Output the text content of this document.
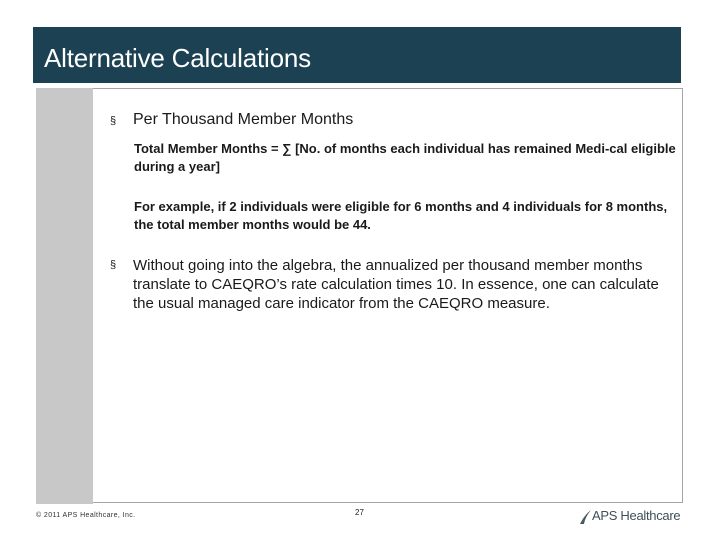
Alternative Calculations
§ Per Thousand Member Months
Total Member Months = ∑ [No. of months each individual has remained Medi-cal eligible during a year]
For example, if 2 individuals were eligible for 6 months and 4 individuals for 8 months, the total member months would be 44.
§ Without going into the algebra, the annualized per thousand member months translate to CAEQRO’s rate calculation times 10. In essence, one can calculate the usual managed care indicator from the CAEQRO measure.
© 2011 APS Healthcare, Inc.	27	APS Healthcare
